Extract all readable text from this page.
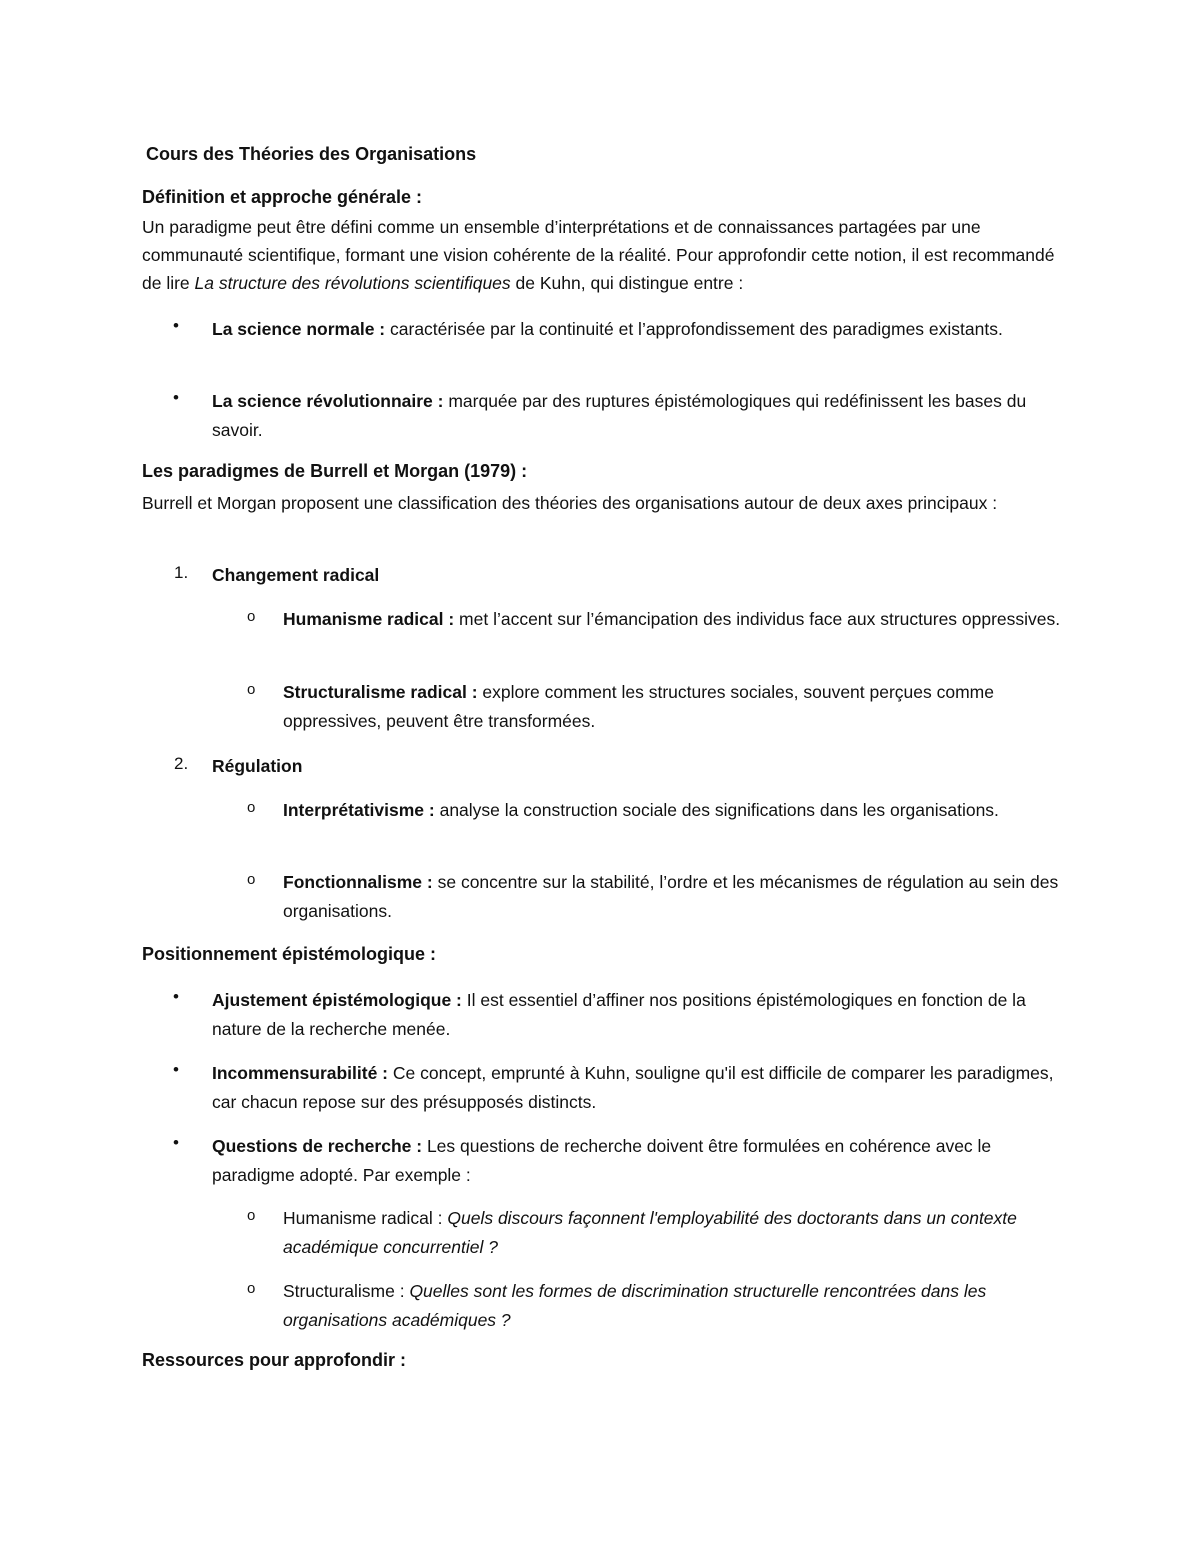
Cours des Théories des Organisations
Définition et approche générale :
Un paradigme peut être défini comme un ensemble d’interprétations et de connaissances partagées par une communauté scientifique, formant une vision cohérente de la réalité. Pour approfondir cette notion, il est recommandé de lire La structure des révolutions scientifiques de Kuhn, qui distingue entre :
• La science normale : caractérisée par la continuité et l’approfondissement des paradigmes existants.
• La science révolutionnaire : marquée par des ruptures épistémologiques qui redéfinissent les bases du savoir.
Les paradigmes de Burrell et Morgan (1979) :
Burrell et Morgan proposent une classification des théories des organisations autour de deux axes principaux :
1. Changement radical
o Humanisme radical : met l’accent sur l’émancipation des individus face aux structures oppressives.
o Structuralisme radical : explore comment les structures sociales, souvent perçues comme oppressives, peuvent être transformées.
2. Régulation
o Interprétativisme : analyse la construction sociale des significations dans les organisations.
o Fonctionnalisme : se concentre sur la stabilité, l’ordre et les mécanismes de régulation au sein des organisations.
Positionnement épistémologique :
• Ajustement épistémologique : Il est essentiel d’affiner nos positions épistémologiques en fonction de la nature de la recherche menée.
• Incommensurabilité : Ce concept, emprunté à Kuhn, souligne qu'il est difficile de comparer les paradigmes, car chacun repose sur des présupposés distincts.
• Questions de recherche : Les questions de recherche doivent être formulées en cohérence avec le paradigme adopté. Par exemple :
o Humanisme radical : Quels discours façonnent l'employabilité des doctorants dans un contexte académique concurrentiel ?
o Structuralisme : Quelles sont les formes de discrimination structurelle rencontrées dans les organisations académiques ?
Ressources pour approfondir :
